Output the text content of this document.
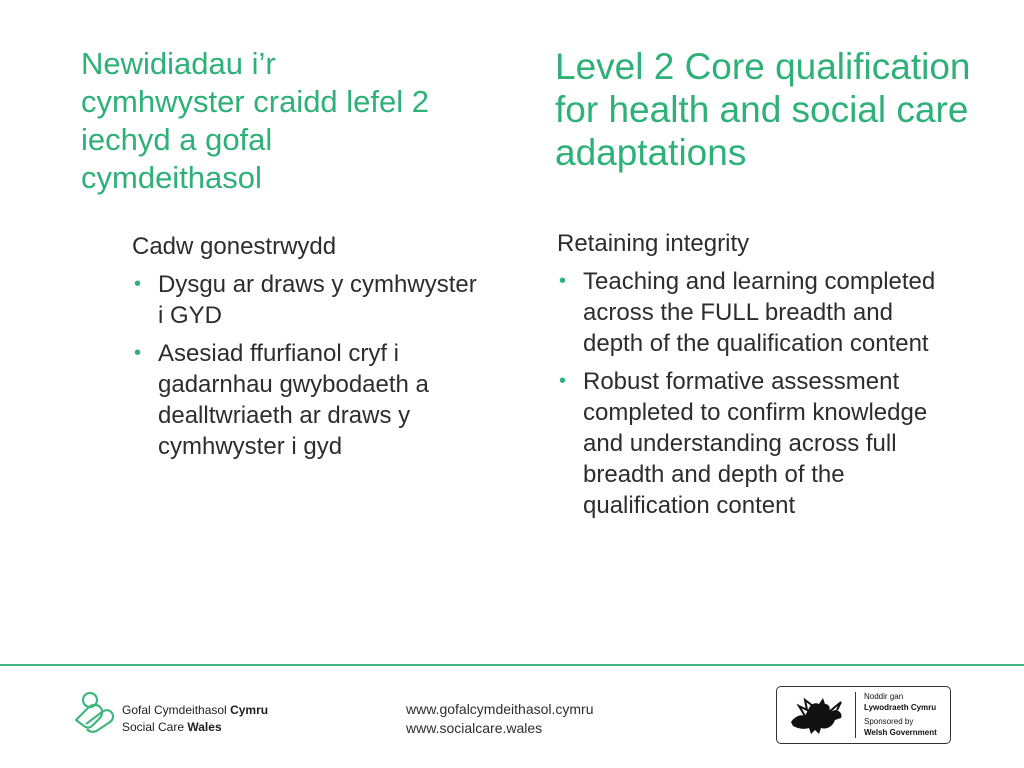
Newidiadau i’r cymhwyster craidd lefel 2 iechyd a gofal cymdeithasol
Level 2 Core qualification for health and social care adaptations

Cadw gonestrwydd

• Dysgu ar draws y cymhwyster i GYD
• Asesiad ffurfianol cryf i gadarnhau gwybodaeth a dealltwriaeth ar draws y cymhwyster i gyd

Retaining integrity

• Teaching and learning completed across the FULL breadth and depth of the qualification content
• Robust formative assessment completed to confirm knowledge and understanding across full breadth and depth of the qualification content
Gofal Cymdeithasol Cymru
Social Care Wales
www.gofalcymdeithasol.cymru
www.socialcare.wales
Noddir gan
Lywodraeth Cymru
Sponsored by
Welsh Government
